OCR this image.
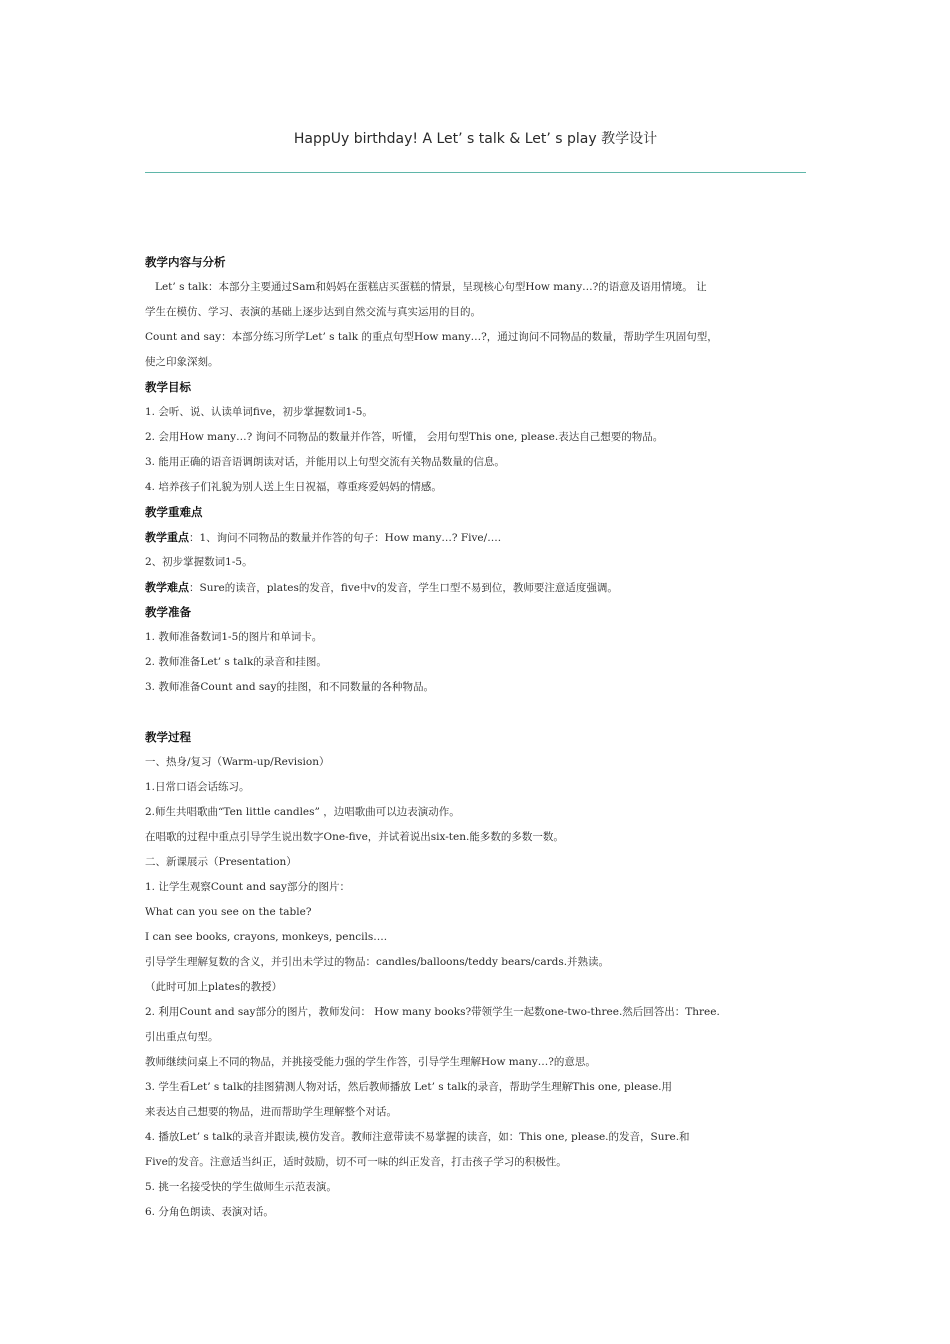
HappUy birthday! A Let’ s talk & Let’ s play 教学设计
教学内容与分析
Let’ s talk：本部分主要通过Sam和妈妈在蛋糕店买蛋糕的情景，呈现核心句型How many…?的语意及语用情境。 让
学生在模仿、学习、表演的基础上逐步达到自然交流与真实运用的目的。
Count and say：本部分练习所学Let’ s talk 的重点句型How many…?，通过询问不同物品的数量，帮助学生巩固句型，
使之印象深刻。
教学目标
1. 会听、说、认读单词five，初步掌握数词1-5。
2. 会用How many…? 询问不同物品的数量并作答，听懂， 会用句型This one, please.表达自己想要的物品。
3. 能用正确的语音语调朗读对话，并能用以上句型交流有关物品数量的信息。
4. 培养孩子们礼貌为别人送上生日祝福，尊重疼爱妈妈的情感。
教学重难点
教学重点：1、询问不同物品的数量并作答的句子：How many…? Five/….
2、初步掌握数词1-5。
教学难点：Sure的读音，plates的发音，five中v的发音，学生口型不易到位，教师要注意适度强调。
教学准备
1. 教师准备数词1-5的图片和单词卡。
2. 教师准备Let’ s talk的录音和挂图。
3. 教师准备Count and say的挂图，和不同数量的各种物品。
教学过程
一、热身/复习（Warm-up/Revision）
1.日常口语会话练习。
2.师生共唱歌曲“Ten little candles” ，边唱歌曲可以边表演动作。
在唱歌的过程中重点引导学生说出数字One-five，并试着说出six-ten.能多数的多数一数。
二、新课展示（Presentation）
1. 让学生观察Count and say部分的图片：
What can you see on the table?
I can see books, crayons, monkeys, pencils….
引导学生理解复数的含义，并引出未学过的物品：candles/balloons/teddy bears/cards.并熟读。
（此时可加上plates的教授）
2. 利用Count and say部分的图片，教师发问： How many books?带领学生一起数one-two-three.然后回答出：Three.
引出重点句型。
教师继续问桌上不同的物品，并挑接受能力强的学生作答，引导学生理解How many…?的意思。
3. 学生看Let’ s talk的挂图猜测人物对话，然后教师播放 Let’ s talk的录音，帮助学生理解This one, please.用
来表达自己想要的物品，进而帮助学生理解整个对话。
4. 播放Let’ s talk的录音并跟读,模仿发音。教师注意带读不易掌握的读音，如：This one, please.的发音，Sure.和
Five的发音。注意适当纠正，适时鼓励，切不可一味的纠正发音，打击孩子学习的积极性。
5. 挑一名接受快的学生做师生示范表演。
6. 分角色朗读、表演对话。
